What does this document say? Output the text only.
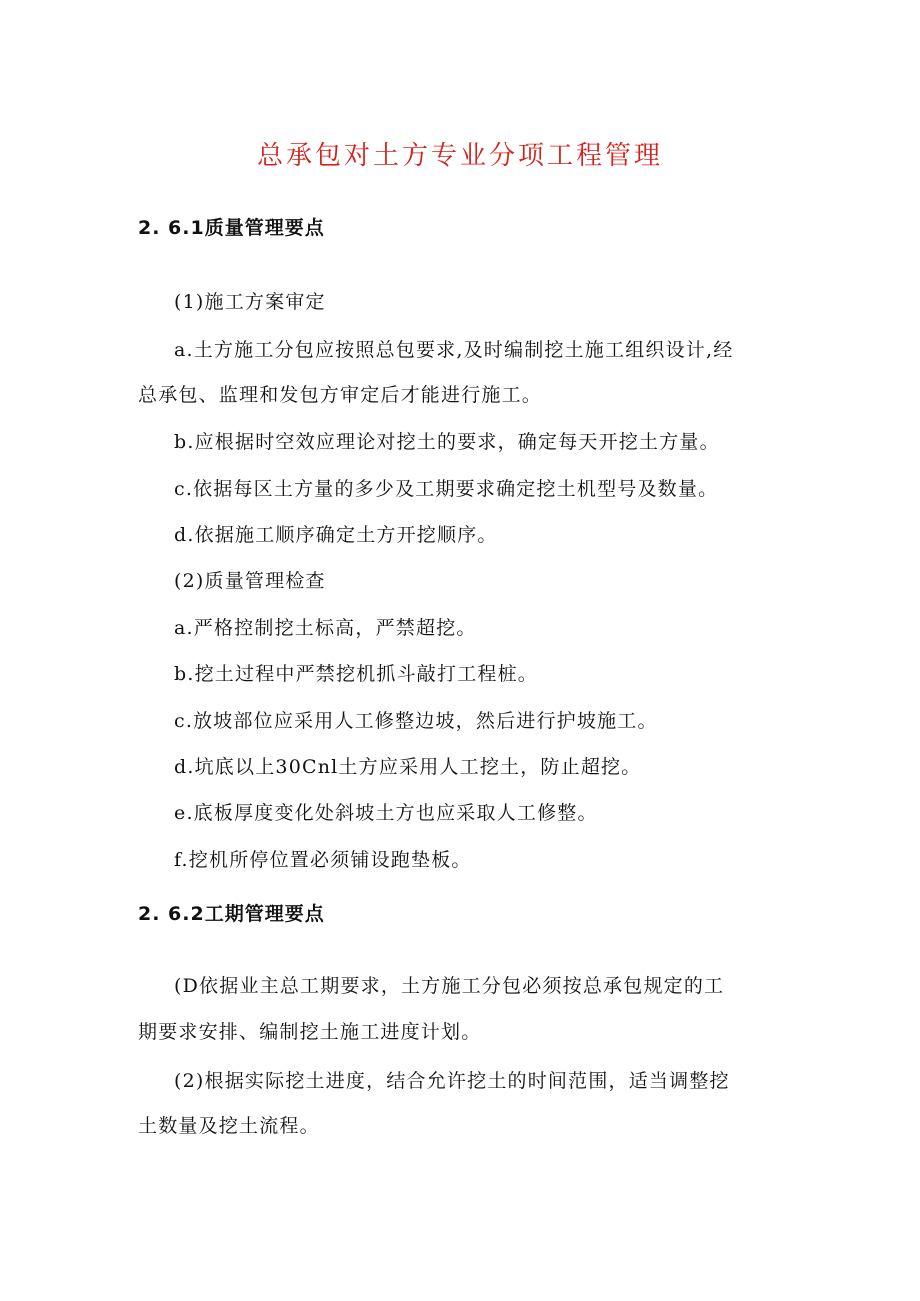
总承包对土方专业分项工程管理
2. 6.1质量管理要点
(1)施工方案审定
a.土方施工分包应按照总包要求,及时编制挖土施工组织设计,经
总承包、监理和发包方审定后才能进行施工。
b.应根据时空效应理论对挖土的要求，确定每天开挖土方量。
c.依据每区土方量的多少及工期要求确定挖土机型号及数量。
d.依据施工顺序确定土方开挖顺序。
(2)质量管理检查
a.严格控制挖土标高，严禁超挖。
b.挖土过程中严禁挖机抓斗敲打工程桩。
c.放坡部位应采用人工修整边坡，然后进行护坡施工。
d.坑底以上30Cnl土方应采用人工挖土，防止超挖。
e.底板厚度变化处斜坡土方也应采取人工修整。
f.挖机所停位置必须铺设跑垫板。
2. 6.2工期管理要点
(D依据业主总工期要求，土方施工分包必须按总承包规定的工
期要求安排、编制挖土施工进度计划。
(2)根据实际挖土进度，结合允许挖土的时间范围，适当调整挖
土数量及挖土流程。
